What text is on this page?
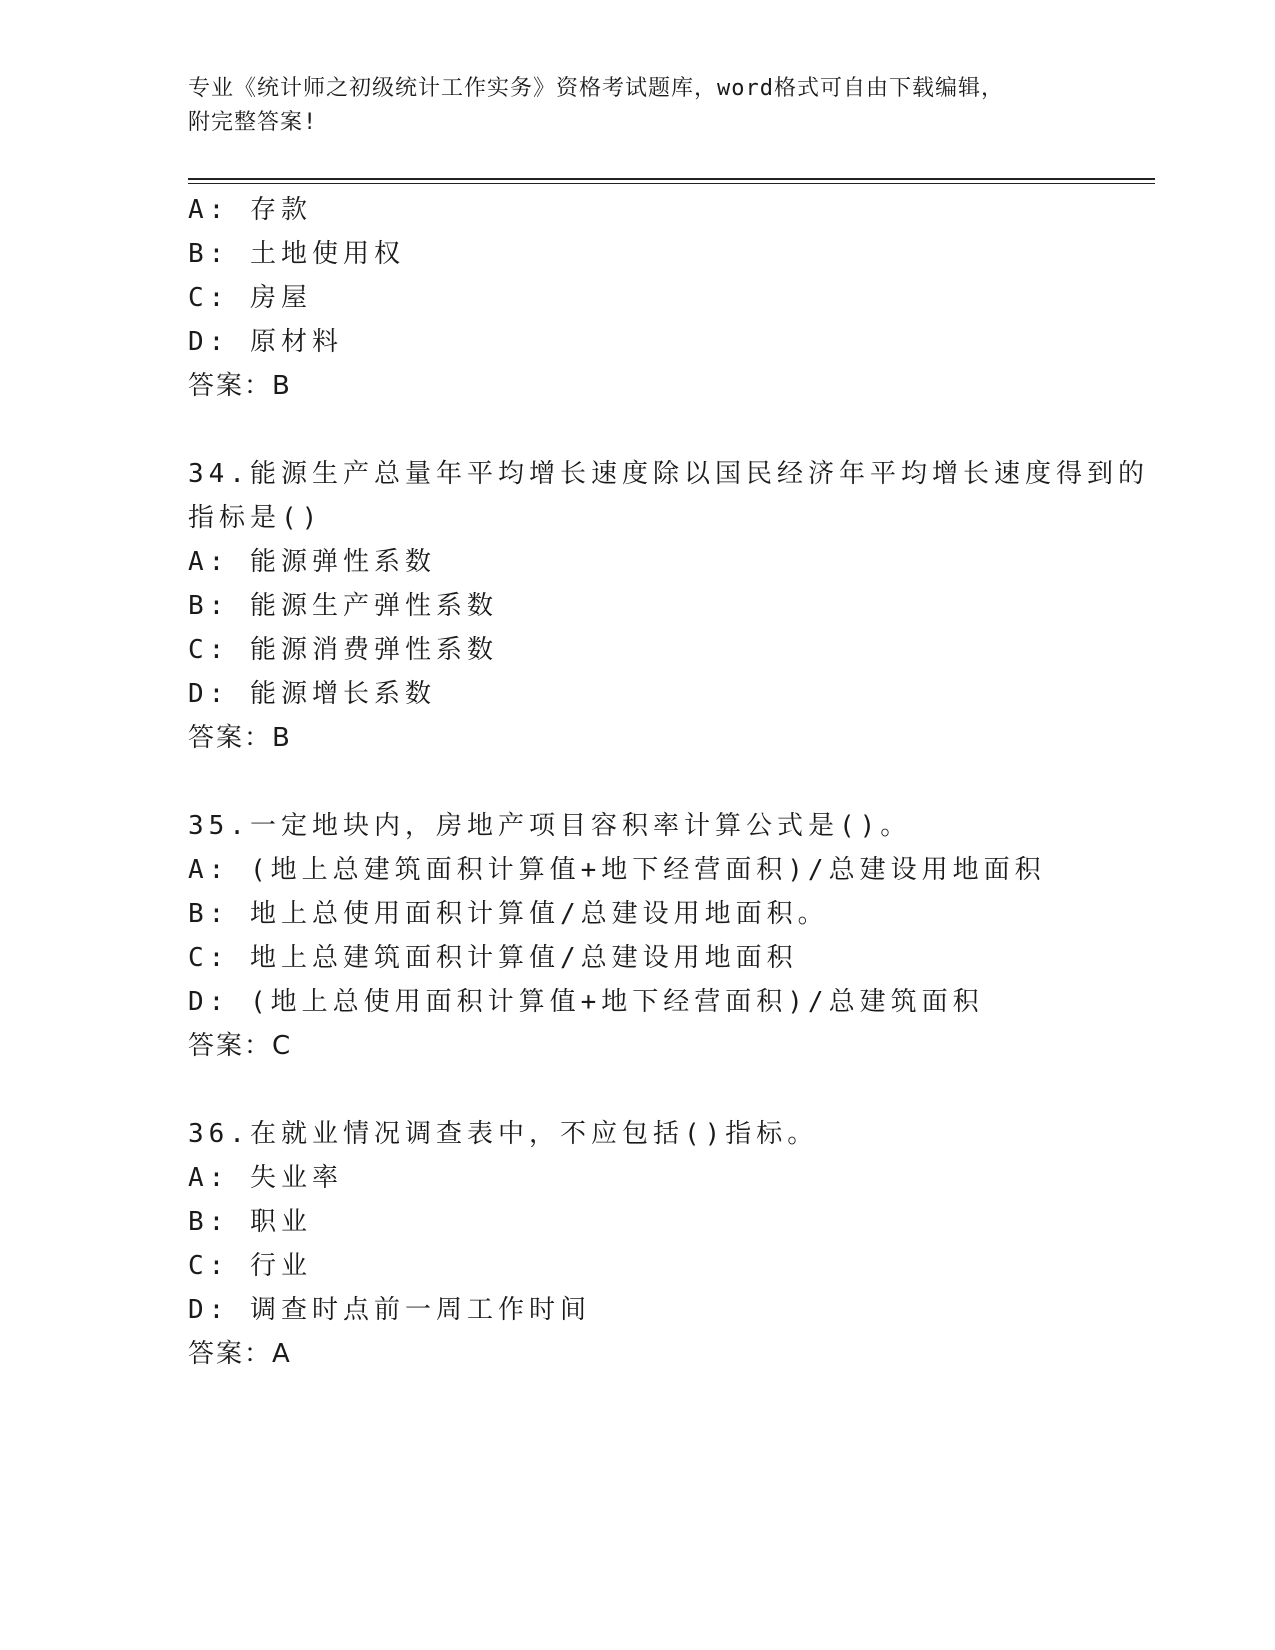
专业《统计师之初级统计工作实务》资格考试题库，word格式可自由下载编辑，
附完整答案!
A: 存款
B: 土地使用权
C: 房屋
D: 原材料
答案：B
34.能源生产总量年平均增长速度除以国民经济年平均增长速度得到的
指标是()
A: 能源弹性系数
B: 能源生产弹性系数
C: 能源消费弹性系数
D: 能源增长系数
答案：B
35.一定地块内，房地产项目容积率计算公式是()。
A: (地上总建筑面积计算值+地下经营面积)/总建设用地面积
B: 地上总使用面积计算值/总建设用地面积。
C: 地上总建筑面积计算值/总建设用地面积
D: (地上总使用面积计算值+地下经营面积)/总建筑面积
答案：C
36.在就业情况调查表中，不应包括()指标。
A: 失业率
B: 职业
C: 行业
D: 调查时点前一周工作时间
答案：A
